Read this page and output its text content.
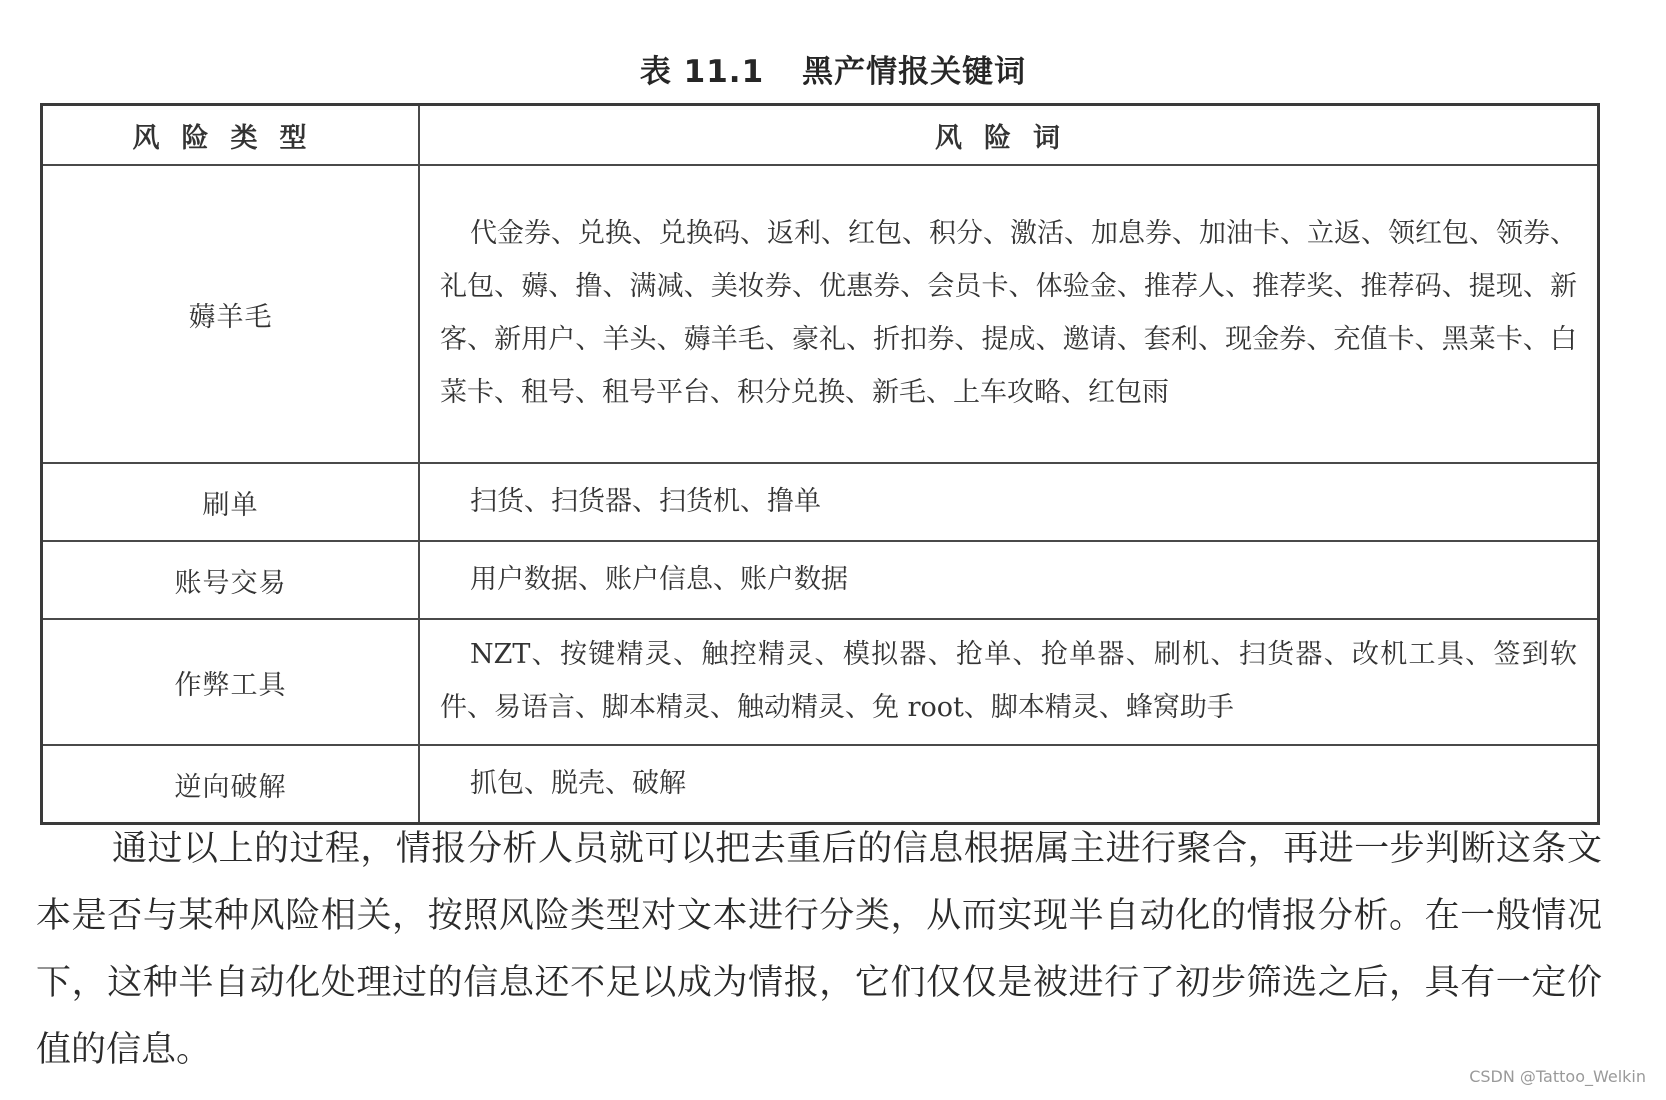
表 11.1 黑产情报关键词
风险类型	风险词
薅羊毛	代金券、兑换、兑换码、返利、红包、积分、激活、加息券、加油卡、立返、领红包、领券、礼包、薅、撸、满减、美妆券、优惠券、会员卡、体验金、推荐人、推荐奖、推荐码、提现、新客、新用户、羊头、薅羊毛、豪礼、折扣券、提成、邀请、套利、现金券、充值卡、黑菜卡、白菜卡、租号、租号平台、积分兑换、新毛、上车攻略、红包雨
刷单	扫货、扫货器、扫货机、撸单
账号交易	用户数据、账户信息、账户数据
作弊工具	NZT、按键精灵、触控精灵、模拟器、抢单、抢单器、刷机、扫货器、改机工具、签到软件、易语言、脚本精灵、触动精灵、免 root、脚本精灵、蜂窝助手
逆向破解	抓包、脱壳、破解

通过以上的过程，情报分析人员就可以把去重后的信息根据属主进行聚合，再进一步判断这条文本是否与某种风险相关，按照风险类型对文本进行分类，从而实现半自动化的情报分析。在一般情况下，这种半自动化处理过的信息还不足以成为情报，它们仅仅是被进行了初步筛选之后，具有一定价值的信息。

CSDN @Tattoo_Welkin
